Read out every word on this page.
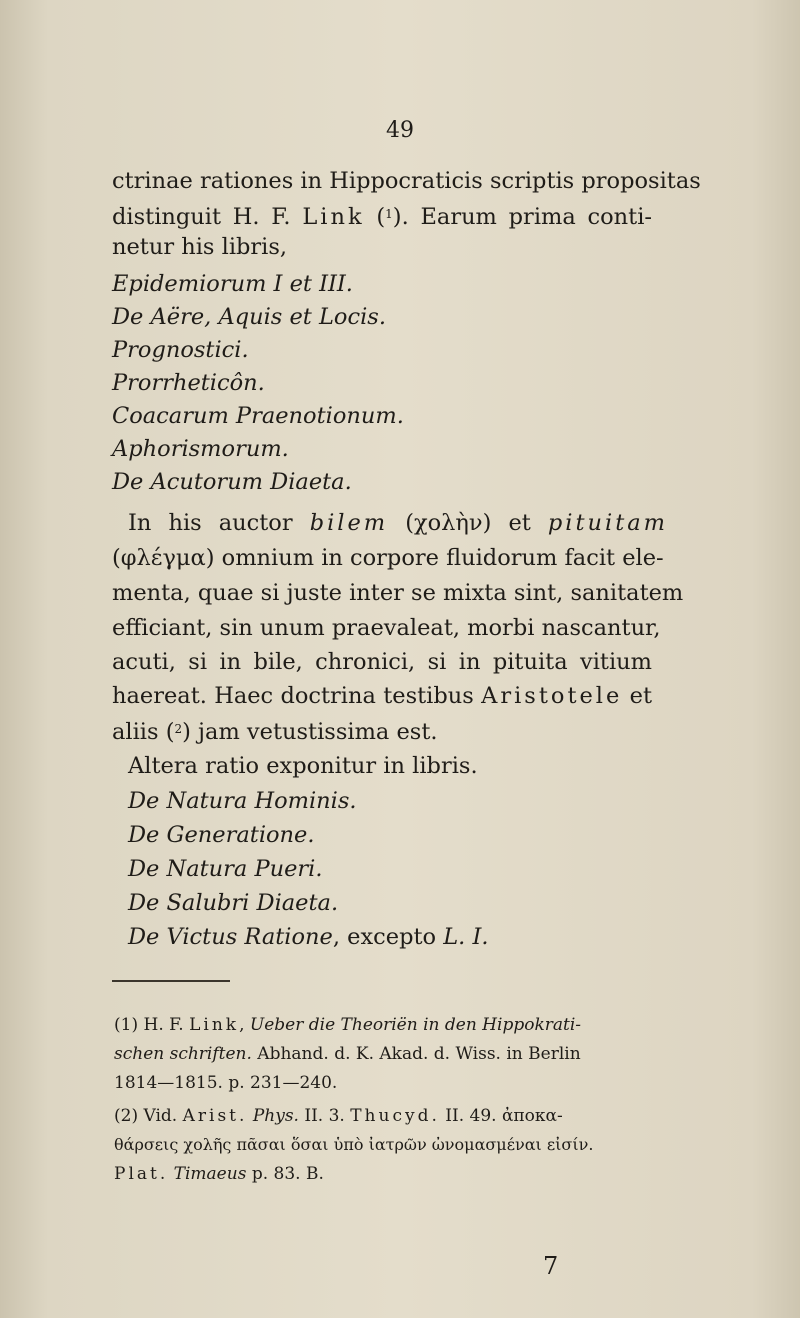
49
ctrinae rationes in Hippocraticis scriptis propositas
distinguit H. F. Link ($^1$). Earum prima conti-
netur his libris,
Epidemiorum I et III.
De Aëre, Aquis et Locis.
Prognostici.
Prorrheticôn.
Coacarum Praenotionum.
Aphorismorum.
De Acutorum Diaeta.
In his auctor bilem (χολὴν) et pituitam
(φλέγμα) omnium in corpore fluidorum facit ele-
menta, quae si juste inter se mixta sint, sanitatem
efficiant, sin unum praevaleat, morbi nascantur,
acuti, si in bile, chronici, si in pituita vitium
haereat. Haec doctrina testibus Aristotele et
aliis ($^2$) jam vetustissima est.
Altera ratio exponitur in libris.
De Natura Hominis.
De Generatione.
De Natura Pueri.
De Salubri Diaeta.
De Victus Ratione, excepto L. I.
(1) H. F. Link, Ueber die Theoriën in den Hippokrati-
schen schriften. Abhand. d. K. Akad. d. Wiss. in Berlin
1814—1815. p. 231—240.
(2) Vid. Arist. Phys. II. 3. Thucyd. II. 49. ἀποκα-
θάρσεις χολῆς πᾶσαι ὅσαι ὑπὸ ἰατρῶν ὠνομασμέναι εἰσίν.
Plat. Timaeus p. 83. B.
7
